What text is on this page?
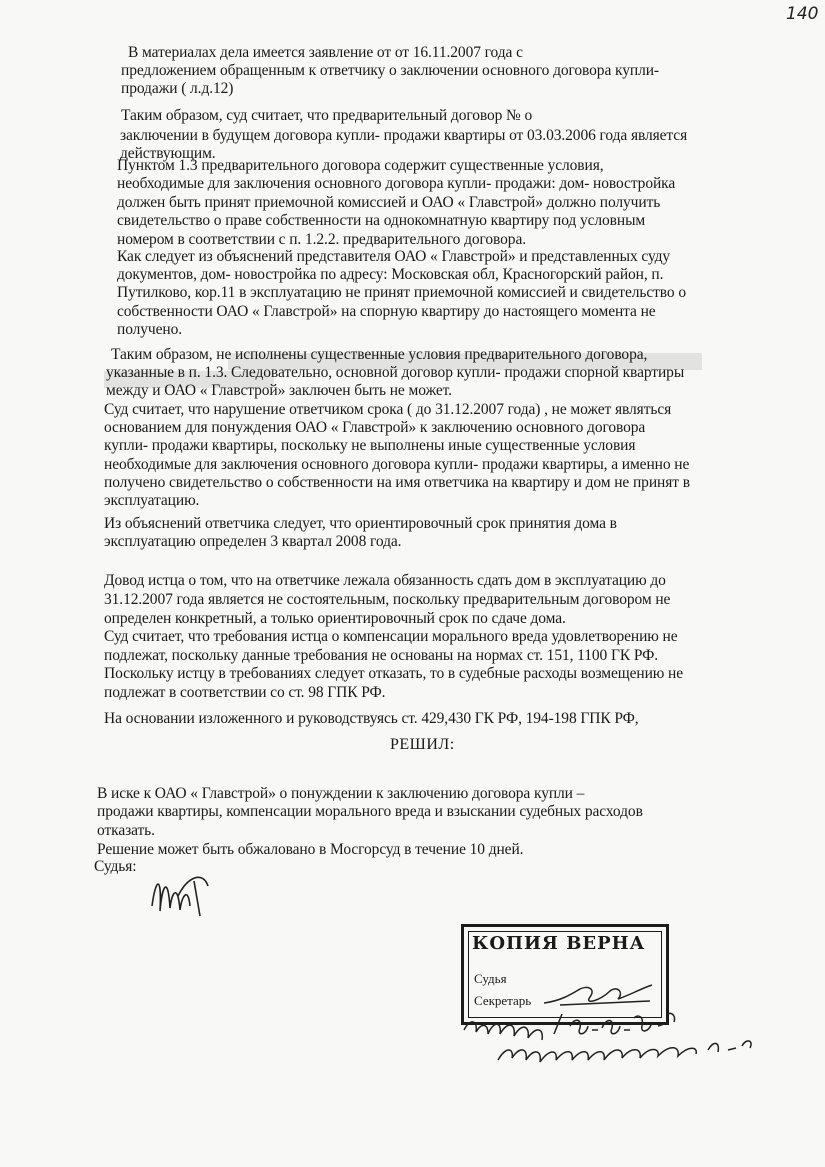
140
В материалах дела имеется заявление от от 16.11.2007 года с
предложением обращенным к ответчику о заключении основного договора купли-
продажи ( л.д.12)
Таким образом, суд считает, что предварительный договор № о
заключении в будущем договора купли- продажи квартиры от 03.03.2006 года является
действующим.
Пунктом 1.3 предварительного договора содержит существенные условия,
необходимые для заключения основного договора купли- продажи: дом- новостройка
должен быть принят приемочной комиссией и ОАО « Главстрой» должно получить
свидетельство о праве собственности на однокомнатную квартиру под условным
номером в соответствии с п. 1.2.2. предварительного договора.
Как следует из объяснений представителя ОАО « Главстрой» и представленных суду
документов, дом- новостройка по адресу: Московская обл, Красногорский район, п.
Путилково, кор.11 в эксплуатацию не принят приемочной комиссией и свидетельство о
собственности ОАО « Главстрой» на спорную квартиру до настоящего момента не
получено.
Таким образом, не исполнены существенные условия предварительного договора,
указанные в п. 1.3. Следовательно, основной договор купли- продажи спорной квартиры
между и ОАО « Главстрой» заключен быть не может.
Суд считает, что нарушение ответчиком срока ( до 31.12.2007 года) , не может являться
основанием для понуждения ОАО « Главстрой» к заключению основного договора
купли- продажи квартиры, поскольку не выполнены иные существенные условия
необходимые для заключения основного договора купли- продажи квартиры, а именно не
получено свидетельство о собственности на имя ответчика на квартиру и дом не принят в
эксплуатацию.
Из объяснений ответчика следует, что ориентировочный срок принятия дома в
эксплуатацию определен 3 квартал 2008 года.
Довод истца о том, что на ответчике лежала обязанность сдать дом в эксплуатацию до
31.12.2007 года является не состоятельным, поскольку предварительным договором не
определен конкретный, а только ориентировочный срок по сдаче дома.
Суд считает, что требования истца о компенсации морального вреда удовлетворению не
подлежат, поскольку данные требования не основаны на нормах ст. 151, 1100 ГК РФ.
Поскольку истцу в требованиях следует отказать, то в судебные расходы возмещению не
подлежат в соответствии со ст. 98 ГПК РФ.
На основании изложенного и руководствуясь ст. 429,430 ГК РФ, 194-198 ГПК РФ,
РЕШИЛ:
В иске к ОАО « Главстрой» о понуждении к заключению договора купли –
продажи квартиры, компенсации морального вреда и взыскании судебных расходов
отказать.
Решение может быть обжаловано в Мосгорсуд в течение 10 дней.
Судья:
КОПИЯ ВЕРНА
Судья
Секретарь
